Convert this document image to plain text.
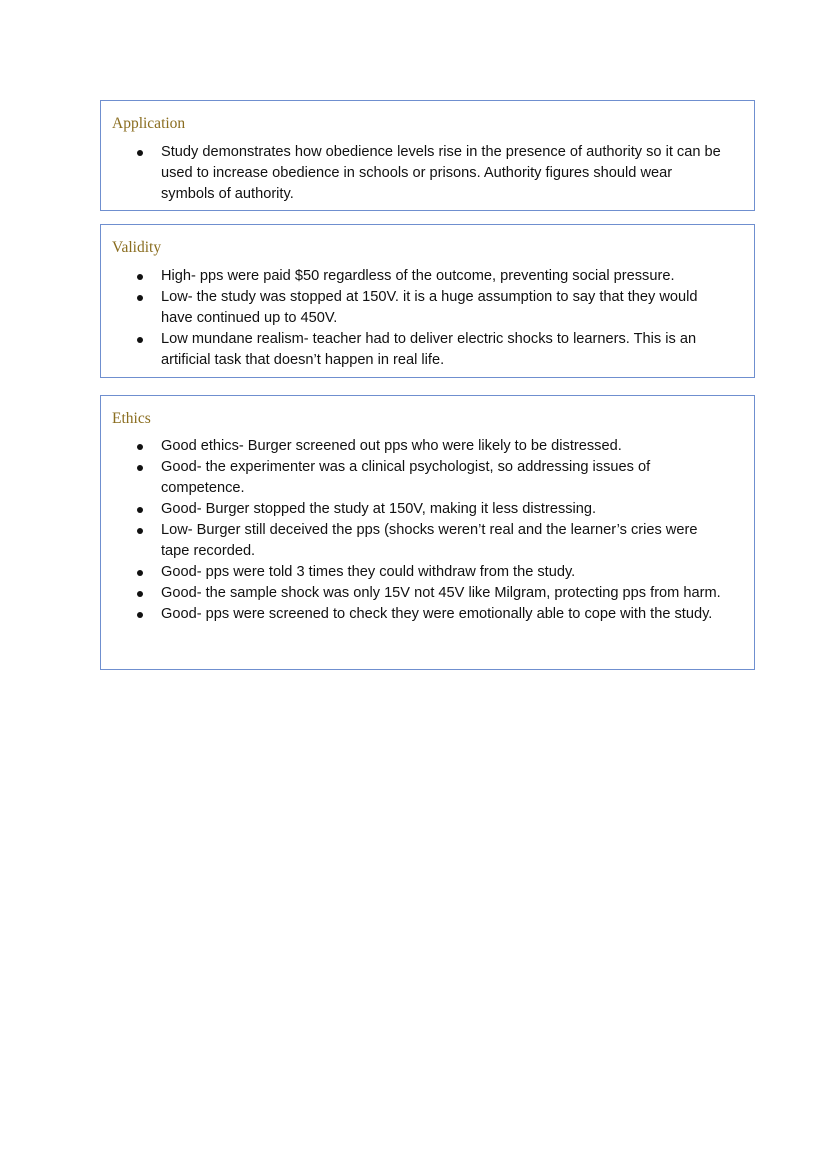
Application
Study demonstrates how obedience levels rise in the presence of authority so it can be used to increase obedience in schools or prisons. Authority figures should wear symbols of authority.
Validity
High- pps were paid $50 regardless of the outcome, preventing social pressure.
Low- the study was stopped at 150V. it is a huge assumption to say that they would have continued up to 450V.
Low mundane realism- teacher had to deliver electric shocks to learners. This is an artificial task that doesn’t happen in real life.
Ethics
Good ethics- Burger screened out pps who were likely to be distressed.
Good- the experimenter was a clinical psychologist, so addressing issues of competence.
Good- Burger stopped the study at 150V, making it less distressing.
Low- Burger still deceived the pps (shocks weren’t real and the learner’s cries were tape recorded.
Good- pps were told 3 times they could withdraw from the study.
Good- the sample shock was only 15V not 45V like Milgram, protecting pps from harm.
Good- pps were screened to check they were emotionally able to cope with the study.
